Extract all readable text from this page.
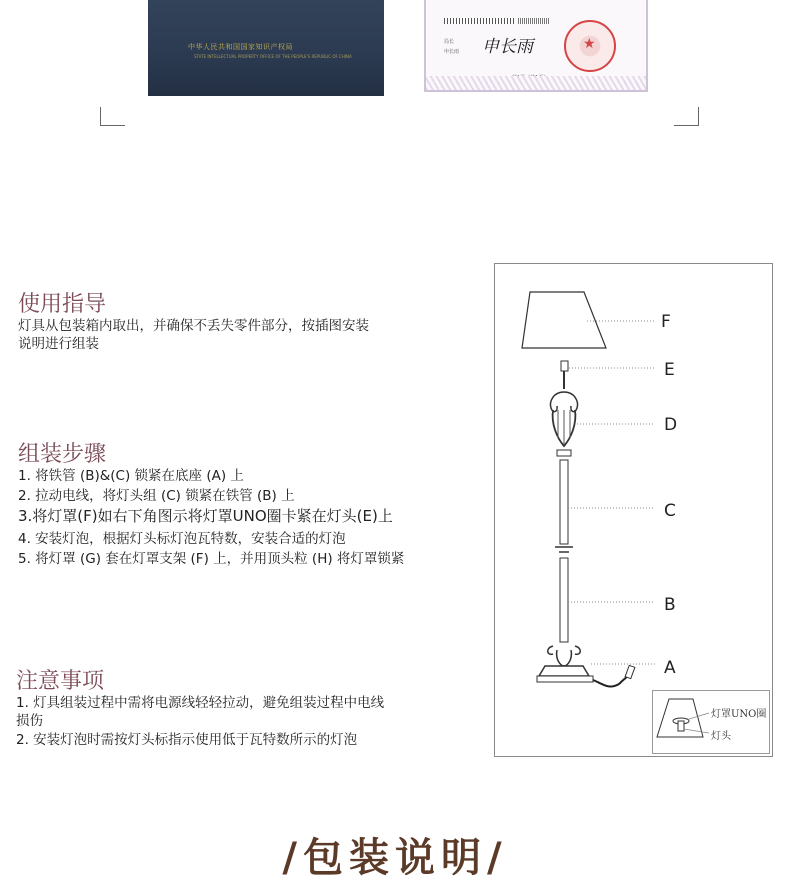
中华人民共和国国家知识产权局
STATE INTELLECTUAL PROPERTY OFFICE OF THE PEOPLE'S REPUBLIC OF CHINA
局长
申长雨 申长雨	★
使用指导
灯具从包装箱内取出，并确保不丢失零件部分，按插图安装
说明进行组装
组装步骤
1. 将铁管 (B)&(C) 锁紧在底座 (A) 上
2. 拉动电线，将灯头组 (C) 锁紧在铁管 (B) 上
3.将灯罩(F)如右下角图示将灯罩UNO圈卡紧在灯头(E)上
4. 安装灯泡，根据灯头标灯泡瓦特数，安装合适的灯泡
5. 将灯罩 (G) 套在灯罩支架 (F) 上，并用顶头粒 (H) 将灯罩锁紧
注意事项
1. 灯具组装过程中需将电源线轻轻拉动，避免组装过程中电线
损伤
2. 安装灯泡时需按灯头标指示使用低于瓦特数所示的灯泡
F
E
D
C
B
A
灯罩UNO圈
灯头
/包装说明/
